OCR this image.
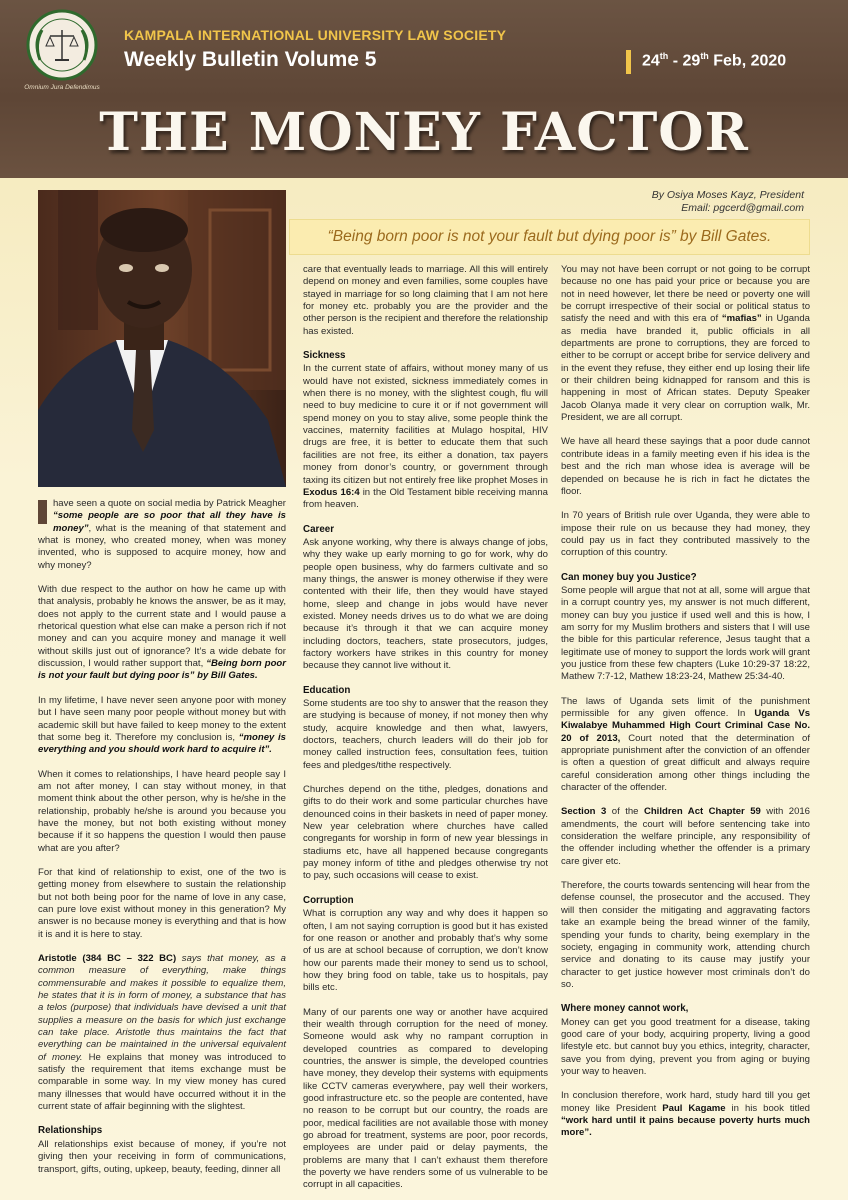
Omnium Jura Defendimus
KAMPALA INTERNATIONAL UNIVERSITY LAW SOCIETY
Weekly Bulletin Volume 5	24th - 29th Feb, 2020
THE MONEY FACTOR
By Osiya Moses Kayz, President
Email: pgcerd@gmail.com
“Being born poor is not your fault but dying poor is” by Bill Gates.

have seen a quote on social media by Patrick Meagher “some people are so poor that all they have is money”, what is the meaning of that statement and what is money, who created money, when was money invented, who is supposed to acquire money, how and why money?

With due respect to the author on how he came up with that analysis, probably he knows the answer, be as it may, does not apply to the current state and I would pause a rhetorical question what else can make a person rich if not money and can you acquire money and manage it well without skills just out of ignorance? It’s a wide debate for discussion, I would rather support that, “Being born poor is not your fault but dying poor is” by Bill Gates.

In my lifetime, I have never seen anyone poor with money but I have seen many poor people without money but with academic skill but have failed to keep money to the extent that some beg it. Therefore my conclusion is, “money is everything and you should work hard to acquire it”.

When it comes to relationships, I have heard people say I am not after money, I can stay without money, in that moment think about the other person, why is he/she in the relationship, probably he/she is around you because you have the money, but not both existing without money because if it so happens the question I would then pause what are you after?

For that kind of relationship to exist, one of the two is getting money from elsewhere to sustain the relationship but not both being poor for the name of love in any case, can pure love exist without money in this generation? My answer is no because money is everything and that is how it is and it is here to stay.

Aristotle (384 BC – 322 BC) says that money, as a common measure of everything, make things commensurable and makes it possible to equalize them, he states that it is in form of money, a substance that has a telos (purpose) that individuals have devised a unit that supplies a measure on the basis for which just exchange can take place. Aristotle thus maintains the fact that everything can be maintained in the universal equivalent of money. He explains that money was introduced to satisfy the requirement that items exchange must be comparable in some way. In my view money has cured many illnesses that would have occurred without it in the current state of affair beginning with the slightest.

Relationships

All relationships exist because of money, if you’re not giving then your receiving in form of communications, transport, gifts, outing, upkeep, beauty, feeding, dinner all

care that eventually leads to marriage. All this will entirely depend on money and even families, some couples have stayed in marriage for so long claiming that I am not here for money etc. probably you are the provider and the other person is the recipient and therefore the relationship has existed.

Sickness

In the current state of affairs, without money many of us would have not existed, sickness immediately comes in when there is no money, with the slightest cough, flu will need to buy medicine to cure it or if not government will spend money on you to stay alive, some people think the vaccines, maternity facilities at Mulago hospital, HIV drugs are free, it is better to educate them that such facilities are not free, its either a donation, tax payers money from donor’s country, or government through taxing its citizen but not entirely free like prophet Moses in Exodus 16:4 in the Old Testament bible receiving manna from heaven.

Career

Ask anyone working, why there is always change of jobs, why they wake up early morning to go for work, why do people open business, why do farmers cultivate and so many things, the answer is money otherwise if they were contented with their life, then they would have stayed home, sleep and change in jobs would have never existed. Money needs drives us to do what we are doing because it’s through it that we can acquire money including doctors, teachers, state prosecutors, judges, factory workers have strikes in this country for money because they cannot live without it.

Education

Some students are too shy to answer that the reason they are studying is because of money, if not money then why study, acquire knowledge and then what, lawyers, doctors, teachers, church leaders will do their job for money called instruction fees, consultation fees, tuition fees and pledges/tithe respectively.

Churches depend on the tithe, pledges, donations and gifts to do their work and some particular churches have denounced coins in their baskets in need of paper money. New year celebration where churches have called congregants for worship in form of new year blessings in stadiums etc, have all happened because congregants pay money inform of tithe and pledges otherwise try not to pay, such occasions will cease to exist.

Corruption

What is corruption any way and why does it happen so often, I am not saying corruption is good but it has existed for one reason or another and probably that’s why some of us are at school because of corruption, we don’t know how our parents made their money to send us to school, how they bring food on table, take us to hospitals, pay bills etc.

Many of our parents one way or another have acquired their wealth through corruption for the need of money. Someone would ask why no rampant corruption in developed countries as compared to developing countries, the answer is simple, the developed countries have money, they develop their systems with equipments like CCTV cameras everywhere, pay well their workers, good infrastructure etc. so the people are contented, have no reason to be corrupt but our country, the roads are poor, medical facilities are not available those with money go abroad for treatment, systems are poor, poor records, employees are under paid or delay payments, the problems are many that I can’t exhaust them therefore the poverty we have renders some of us vulnerable to be corrupt in all capacities.

You may not have been corrupt or not going to be corrupt because no one has paid your price or because you are not in need however, let there be need or poverty one will be corrupt irrespective of their social or political status to satisfy the need and with this era of “mafias” in Uganda as media have branded it, public officials in all departments are prone to corruptions, they are forced to either to be corrupt or accept bribe for service delivery and in the event they refuse, they either end up losing their life or their children being kidnapped for ransom and this is happening in most of African states. Deputy Speaker Jacob Olanya made it very clear on corruption walk, Mr. President, we are all corrupt.

We have all heard these sayings that a poor dude cannot contribute ideas in a family meeting even if his idea is the best and the rich man whose idea is average will be depended on because he is rich in fact he dictates the floor.

In 70 years of British rule over Uganda, they were able to impose their rule on us because they had money, they could pay us in fact they contributed massively to the corruption of this country.

Can money buy you Justice?

Some people will argue that not at all, some will argue that in a corrupt country yes, my answer is not much different, money can buy you justice if used well and this is how, I am sorry for my Muslim brothers and sisters that I will use the bible for this particular reference, Jesus taught that a legitimate use of money to support the lords work will grant you justice from these few chapters (Luke 10:29-37 18:22, Mathew 7:7-12, Mathew 18:23-24, Mathew 25:34-40.

The laws of Uganda sets limit of the punishment permissible for any given offence. In Uganda Vs Kiwalabye Muhammed High Court Criminal Case No. 20 of 2013, Court noted that the determination of appropriate punishment after the conviction of an offender is often a question of great difficult and always require careful consideration among other things including the character of the offender.

Section 3 of the Children Act Chapter 59 with 2016 amendments, the court will before sentencing take into consideration the welfare principle, any responsibility of the offender including whether the offender is a primary care giver etc.

Therefore, the courts towards sentencing will hear from the defense counsel, the prosecutor and the accused. They will then consider the mitigating and aggravating factors take an example being the bread winner of the family, spending your funds to charity, being exemplary in the society, engaging in community work, attending church service and donating to its cause may justify your character to get justice however most criminals don’t do so.

Where money cannot work,

Money can get you good treatment for a disease, taking good care of your body, acquiring property, living a good lifestyle etc. but cannot buy you ethics, integrity, character, save you from dying, prevent you from aging or buying your way to heaven.

In conclusion therefore, work hard, study hard till you get money like President Paul Kagame in his book titled “work hard until it pains because poverty hurts much more”.
